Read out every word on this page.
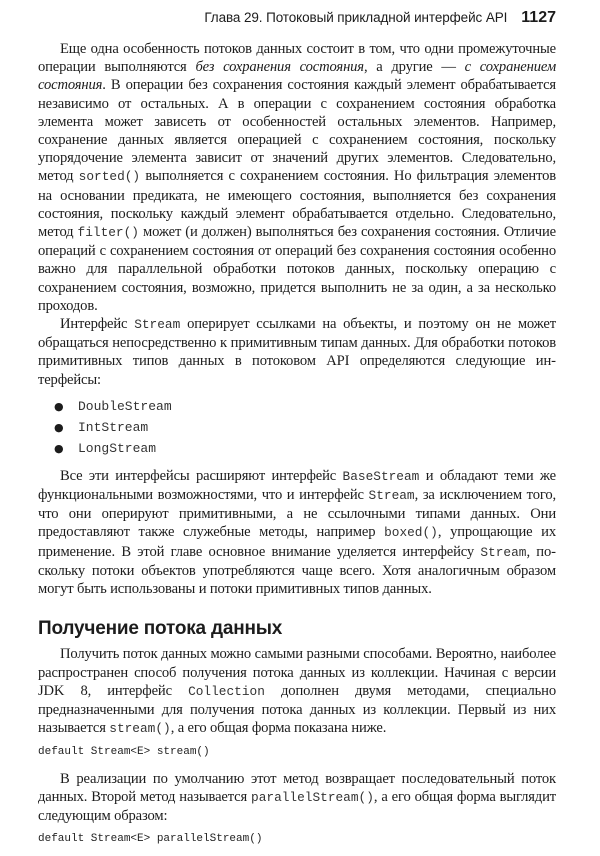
Глава 29. Потоковый прикладной интерфейс API 1127

Еще одна особенность потоков данных состоит в том, что одни промежуточные операции выполняются без сохранения состояния, а другие — с сохранением состояния. В операции без сохранения состояния каждый элемент обрабатывается независимо от остальных. А в операции с сохранением состояния обработка элемента может зависеть от особенностей остальных элементов. Например, сохранение данных является операцией с сохранением состояния, поскольку упорядочение элемента зависит от значений других элементов. Следовательно, метод sorted() выполняется с сохранением состояния. Но фильтрация элементов на основании предиката, не имеющего состояния, выполняется без сохранения состояния, поскольку каждый элемент обрабатывается отдельно. Следовательно, метод filter() может (и должен) выполняться без сохранения состояния. Отличие операций с сохранением состояния от операций без сохранения состояния особенно важно для параллельной обработки потоков данных, поскольку операцию с сохранением состояния, возможно, придется выполнить не за один, а за несколько проходов.

Интерфейс Stream оперирует ссылками на объекты, и поэтому он не может обращаться непосредственно к примитивным типам данных. Для обработки потоков примитивных типов данных в потоковом API определяются следующие интерфейсы:

● DoubleStream
● IntStream
● LongStream

Все эти интерфейсы расширяют интерфейс BaseStream и обладают теми же функциональными возможностями, что и интерфейс Stream, за исключением того, что они оперируют примитивными, а не ссылочными типами данных. Они предоставляют также служебные методы, например boxed(), упрощающие их применение. В этой главе основное внимание уделяется интерфейсу Stream, поскольку потоки объектов употребляются чаще всего. Хотя аналогичным образом могут быть использованы и потоки примитивных типов данных.

Получение потока данных

Получить поток данных можно самыми разными способами. Вероятно, наиболее распространен способ получения потока данных из коллекции. Начиная с версии JDK 8, интерфейс Collection дополнен двумя методами, специально предназначенными для получения потока данных из коллекции. Первый из них называется stream(), а его общая форма показана ниже.

default Stream<E> stream()

В реализации по умолчанию этот метод возвращает последовательный поток данных. Второй метод называется parallelStream(), а его общая форма выглядит следующим образом:

default Stream<E> parallelStream()
